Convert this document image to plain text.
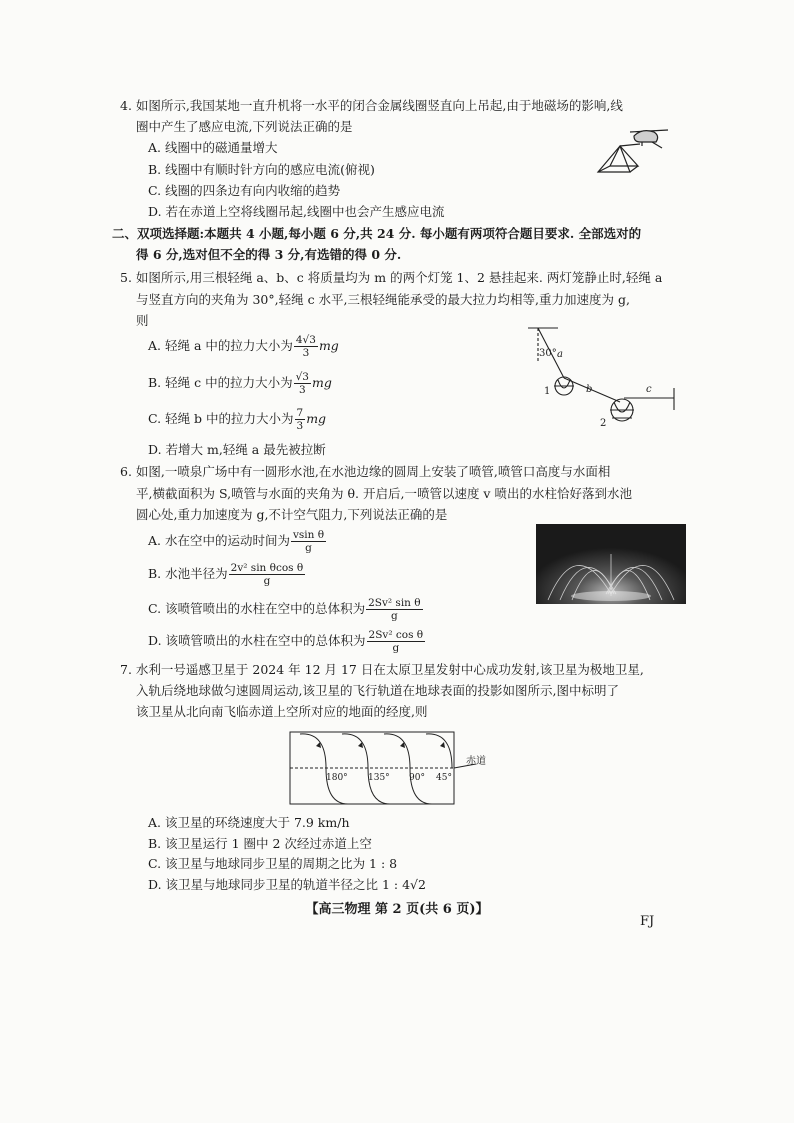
4. 如图所示,我国某地一直升机将一水平的闭合金属线圈竖直向上吊起,由于地磁场的影响,线
圈中产生了感应电流,下列说法正确的是
A. 线圈中的磁通量增大
B. 线圈中有顺时针方向的感应电流(俯视)
C. 线圈的四条边有向内收缩的趋势
D. 若在赤道上空将线圈吊起,线圈中也会产生感应电流
二、双项选择题:本题共 4 小题,每小题 6 分,共 24 分. 每小题有两项符合题目要求. 全部选对的
得 6 分,选对但不全的得 3 分,有选错的得 0 分.
5. 如图所示,用三根轻绳 a、b、c 将质量均为 m 的两个灯笼 1、2 悬挂起来. 两灯笼静止时,轻绳 a
与竖直方向的夹角为 30°,轻绳 c 水平,三根轻绳能承受的最大拉力均相等,重力加速度为 g,
则
A. 轻绳 a 中的拉力大小为 $\frac{4√3}{3}$ mg
B. 轻绳 c 中的拉力大小为 $\frac{√3}{3}$ mg
C. 轻绳 b 中的拉力大小为 $\frac{7}{3}$ mg
D. 若增大 m,轻绳 a 最先被拉断
30° a
b	c
1
2
6. 如图,一喷泉广场中有一圆形水池,在水池边缘的圆周上安装了喷管,喷管口高度与水面相
平,横截面积为 S,喷管与水面的夹角为 θ. 开启后,一喷管以速度 v 喷出的水柱恰好落到水池
圆心处,重力加速度为 g,不计空气阻力,下列说法正确的是
A. 水在空中的运动时间为 $\frac{\text{vsin θ}}{g}$
B. 水池半径为 $\frac{\text{2v² sin θcos θ}}{g}$
C. 该喷管喷出的水柱在空中的总体积为 $\frac{\text{2Sv² sin θ}}{g}$
D. 该喷管喷出的水柱在空中的总体积为 $\frac{\text{2Sv² cos θ}}{g}$
7. 水利一号遥感卫星于 2024 年 12 月 17 日在太原卫星发射中心成功发射,该卫星为极地卫星,
入轨后绕地球做匀速圆周运动,该卫星的飞行轨道在地球表面的投影如图所示,图中标明了
该卫星从北向南飞临赤道上空所对应的地面的经度,则
180° 135° 90° 45°
赤道
A. 该卫星的环绕速度大于 7.9 km/h
B. 该卫星运行 1 圈中 2 次经过赤道上空
C. 该卫星与地球同步卫星的周期之比为 1 : 8
D. 该卫星与地球同步卫星的轨道半径之比 1 : 4√2
【高三物理 第 2 页(共 6 页)】
FJ
